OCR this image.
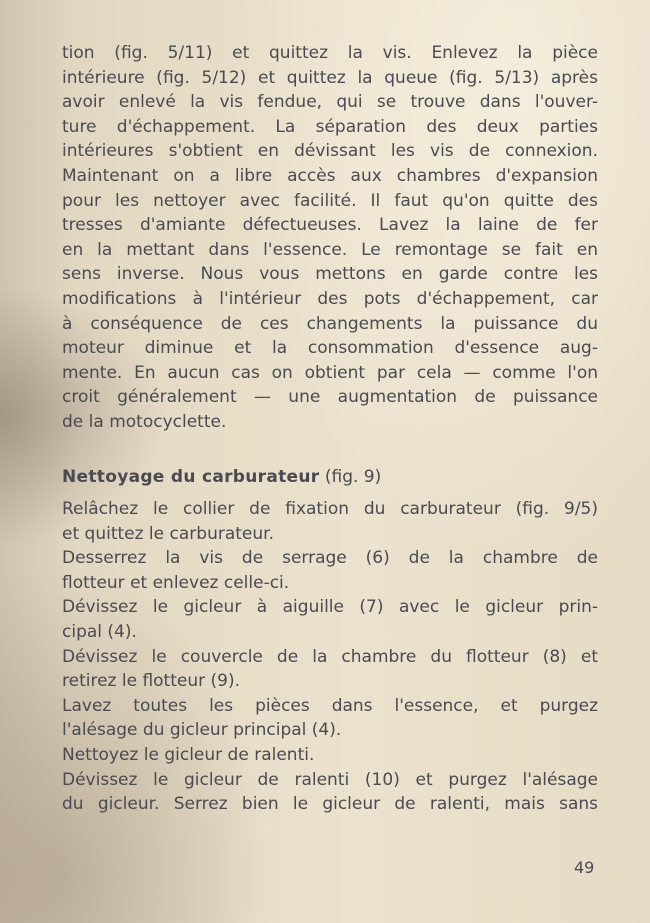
tion (fig. 5/11) et quittez la vis. Enlevez la pièce
intérieure (fig. 5/12) et quittez la queue (fig. 5/13) après
avoir enlevé la vis fendue, qui se trouve dans l'ouver-
ture d'échappement. La séparation des deux parties
intérieures s'obtient en dévissant les vis de connexion.
Maintenant on a libre accès aux chambres d'expansion
pour les nettoyer avec facilité. Il faut qu'on quitte des
tresses d'amiante défectueuses. Lavez la laine de fer
en la mettant dans l'essence. Le remontage se fait en
sens inverse. Nous vous mettons en garde contre les
modifications à l'intérieur des pots d'échappement, car
à conséquence de ces changements la puissance du
moteur diminue et la consommation d'essence aug-
mente. En aucun cas on obtient par cela — comme l'on
croit généralement — une augmentation de puissance
de la motocyclette.
Nettoyage du carburateur (fig. 9)
Relâchez le collier de fixation du carburateur (fig. 9/5)
et quittez le carburateur.
Desserrez la vis de serrage (6) de la chambre de
flotteur et enlevez celle-ci.
Dévissez le gicleur à aiguille (7) avec le gicleur prin-
cipal (4).
Dévissez le couvercle de la chambre du flotteur (8) et
retirez le flotteur (9).
Lavez toutes les pièces dans l'essence, et purgez
l'alésage du gicleur principal (4).
Nettoyez le gicleur de ralenti.
Dévissez le gicleur de ralenti (10) et purgez l'alésage
du gicleur. Serrez bien le gicleur de ralenti, mais sans
49
